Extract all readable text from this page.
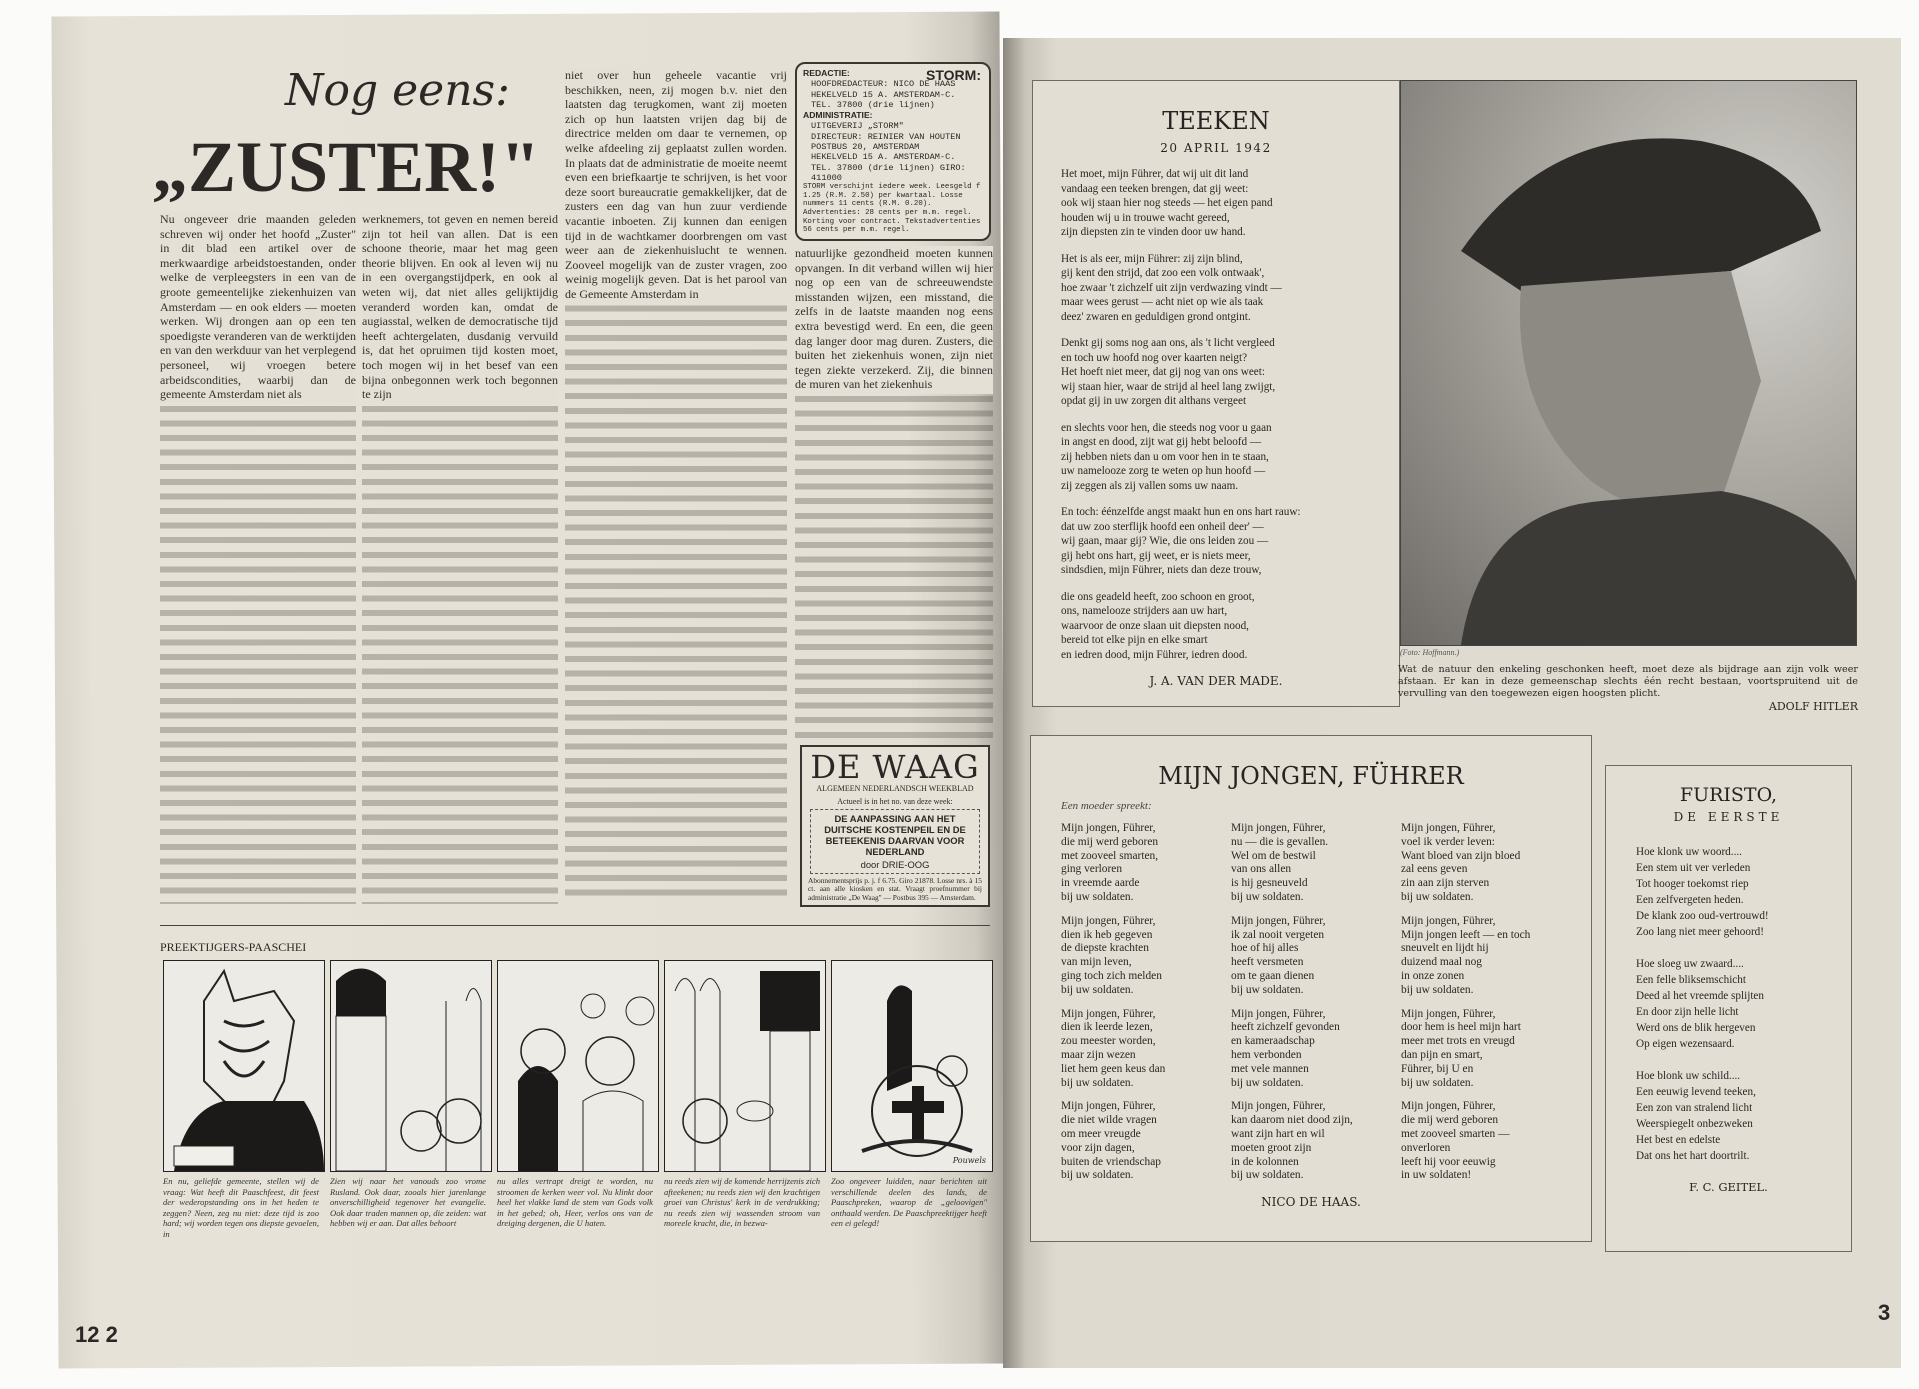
Nog eens:
„ZUSTER!"

Nu ongeveer drie maanden geleden schreven wij onder het hoofd „Zuster" in dit blad een artikel over de merkwaardige arbeidstoestanden, onder welke de verpleegsters in een van de groote gemeentelijke ziekenhuizen van Amsterdam — en ook elders — moeten werken. Wij drongen aan op een ten spoedigste veranderen van de werktijden en van den werkduur van het verplegend personeel, wij vroegen betere arbeidscondities, waarbij dan de gemeente Amsterdam niet als

werknemers, tot geven en nemen bereid zijn tot heil van allen. Dat is een schoone theorie, maar het mag geen theorie blijven. En ook al leven wij nu in een overgangstijdperk, en ook al weten wij, dat niet alles gelijktijdig veranderd worden kan, omdat de augiasstal, welken de democratische tijd heeft achtergelaten, dusdanig vervuild is, dat het opruimen tijd kosten moet, toch mogen wij in het besef van een bijna onbegonnen werk toch begonnen te zijn

niet over hun geheele vacantie vrij beschikken, neen, zij mogen b.v. niet den laatsten dag terugkomen, want zij moeten zich op hun laatsten vrijen dag bij de directrice melden om daar te vernemen, op welke afdeeling zij geplaatst zullen worden. In plaats dat de administratie de moeite neemt even een briefkaartje te schrijven, is het voor deze soort bureaucratie gemakkelijker, dat de zusters een dag van hun zuur verdiende vacantie inboeten. Zij kunnen dan eenigen tijd in de wachtkamer doorbrengen om vast weer aan de ziekenhuislucht te wennen. Zooveel mogelijk van de zuster vragen, zoo weinig mogelijk geven. Dat is het parool van de Gemeente Amsterdam in

natuurlijke gezondheid moeten kunnen opvangen. In dit verband willen wij hier nog op een van de schreeuwendste misstanden wijzen, een misstand, die zelfs in de laatste maanden nog eens extra bevestigd werd. En een, die geen dag langer door mag duren. Zusters, die buiten het ziekenhuis wonen, zijn niet tegen ziekte verzekerd. Zij, die binnen de muren van het ziekenhuis

STORM:
REDACTIE:
HOOFDREDACTEUR: NICO DE HAAS
HEKELVELD 15 A. AMSTERDAM-C.
TEL. 37800 (drie lijnen)
ADMINISTRATIE:
UITGEVERIJ „STORM"
DIRECTEUR: REINIER VAN HOUTEN
POSTBUS 20, AMSTERDAM
HEKELVELD 15 A. AMSTERDAM-C.
TEL. 37800 (drie lijnen) GIRO: 411000
STORM verschijnt iedere week. Leesgeld f 1.25 (R.M. 2.50) per kwartaal. Losse nummers 11 cents (R.M. 0.20). Advertenties: 28 cents per m.m. regel. Korting voor contract. Tekstadvertenties 56 cents per m.m. regel.
DE WAAG
ALGEMEEN NEDERLANDSCH WEEKBLAD
Actueel is in het no. van deze week:
DE AANPASSING AAN HET DUITSCHE KOSTENPEIL EN DE BETEEKENIS DAARVAN VOOR NEDERLAND
door DRIE-OOG
Abonnementsprijs p. j. f 6.75. Giro 21878. Losse nrs. à 15 ct. aan alle kiosken en stat. Vraagt proefnummer bij administratie „De Waag" — Postbus 395 — Amsterdam.
PREEKTIJGERS-PAASCHEI
Pouwels
En nu, geliefde gemeente, stellen wij de vraag: Wat heeft dit Paaschfeest, dit feest der wederopstanding ons in het heden te zeggen? Neen, zeg nu niet: deze tijd is zoo hard; wij worden tegen ons diepste gevoelen, in
Zien wij naar het vanouds zoo vrome Rusland. Ook daar, zooals hier jarenlange onverschilligheid tegenover het evangelie. Ook daar traden mannen op, die zeiden: wat hebben wij er aan. Dat alles behoort
nu alles vertrapt dreigt te worden, nu stroomen de kerken weer vol. Nu klinkt door heel het vlakke land de stem van Gods volk in het gebed; oh, Heer, verlos ons van de dreiging dergenen, die U haten.
nu reeds zien wij de komende herrijzenis zich afteekenen; nu reeds zien wij den krachtigen groei van Christus' kerk in de verdrukking; nu reeds zien wij wassenden stroom van moreele kracht, die, in bezwa-
Zoo ongeveer luidden, naar berichten uit verschillende deelen des lands, de Paaschpreken, waarop de „geloovigen" onthaald werden. De Paaschpreektijger heeft een ei gelegd!
12 2
TEEKEN
20 APRIL 1942
Het moet, mijn Führer, dat wij uit dit land
vandaag een teeken brengen, dat gij weet:
ook wij staan hier nog steeds — het eigen pand
houden wij u in trouwe wacht gereed,
zijn diepsten zin te vinden door uw hand.
Het is als eer, mijn Führer: zij zijn blind,
gij kent den strijd, dat zoo een volk ontwaak',
hoe zwaar 't zichzelf uit zijn verdwazing vindt —
maar wees gerust — acht niet op wie als taak
deez' zwaren en geduldigen grond ontgint.
Denkt gij soms nog aan ons, als 't licht vergleed
en toch uw hoofd nog over kaarten neigt?
Het hoeft niet meer, dat gij nog van ons weet:
wij staan hier, waar de strijd al heel lang zwijgt,
opdat gij in uw zorgen dit althans vergeet
en slechts voor hen, die steeds nog voor u gaan
in angst en dood, zijt wat gij hebt beloofd —
zij hebben niets dan u om voor hen in te staan,
uw namelooze zorg te weten op hun hoofd —
zij zeggen als zij vallen soms uw naam.
En toch: éénzelfde angst maakt hun en ons hart rauw:
dat uw zoo sterflijk hoofd een onheil deer' —
wij gaan, maar gij? Wie, die ons leiden zou —
gij hebt ons hart, gij weet, er is niets meer,
sindsdien, mijn Führer, niets dan deze trouw,
die ons geadeld heeft, zoo schoon en groot,
ons, namelooze strijders aan uw hart,
waarvoor de onze slaan uit diepsten nood,
bereid tot elke pijn en elke smart
en iedren dood, mijn Führer, iedren dood.
J. A. VAN DER MADE.
(Foto: Hoffmann.)
Wat de natuur den enkeling geschonken heeft, moet deze als bijdrage aan zijn volk weer afstaan. Er kan in deze gemeenschap slechts één recht bestaan, voortspruitend uit de vervulling van den toegewezen eigen hoogsten plicht.
ADOLF HITLER
MIJN JONGEN, FÜHRER
Een moeder spreekt:
Mijn jongen, Führer,
die mij werd geboren
met zooveel smarten,
ging verloren
in vreemde aarde
bij uw soldaten.
Mijn jongen, Führer,
dien ik heb gegeven
de diepste krachten
van mijn leven,
ging toch zich melden
bij uw soldaten.
Mijn jongen, Führer,
dien ik leerde lezen,
zou meester worden,
maar zijn wezen
liet hem geen keus dan
bij uw soldaten.
Mijn jongen, Führer,
die niet wilde vragen
om meer vreugde
voor zijn dagen,
buiten de vriendschap
bij uw soldaten.
Mijn jongen, Führer,
nu — die is gevallen.
Wel om de bestwil
van ons allen
is hij gesneuveld
bij uw soldaten.
Mijn jongen, Führer,
ik zal nooit vergeten
hoe of hij alles
heeft versmeten
om te gaan dienen
bij uw soldaten.
Mijn jongen, Führer,
heeft zichzelf gevonden
en kameraadschap
hem verbonden
met vele mannen
bij uw soldaten.
Mijn jongen, Führer,
kan daarom niet dood zijn,
want zijn hart en wil
moeten groot zijn
in de kolonnen
bij uw soldaten.
Mijn jongen, Führer,
voel ik verder leven:
Want bloed van zijn bloed
zal eens geven
zin aan zijn sterven
bij uw soldaten.
Mijn jongen, Führer,
Mijn jongen leeft — en toch
sneuvelt en lijdt hij
duizend maal nog
in onze zonen
bij uw soldaten.
Mijn jongen, Führer,
door hem is heel mijn hart
meer met trots en vreugd
dan pijn en smart,
Führer, bij U en
bij uw soldaten.
Mijn jongen, Führer,
die mij werd geboren
met zooveel smarten —
onverloren
leeft hij voor eeuwig
in uw soldaten!
NICO DE HAAS.
FURISTO,
DE EERSTE
Hoe klonk uw woord....
Een stem uit ver verleden
Tot hooger toekomst riep
Een zelfvergeten heden.
De klank zoo oud-vertrouwd!
Zoo lang niet meer gehoord!
Hoe sloeg uw zwaard....
Een felle bliksemschicht
Deed al het vreemde splijten
En door zijn helle licht
Werd ons de blik hergeven
Op eigen wezensaard.
Hoe blonk uw schild....
Een eeuwig levend teeken,
Een zon van stralend licht
Weerspiegelt onbezweken
Het best en edelste
Dat ons het hart doortrilt.
F. C. GEITEL.
3
